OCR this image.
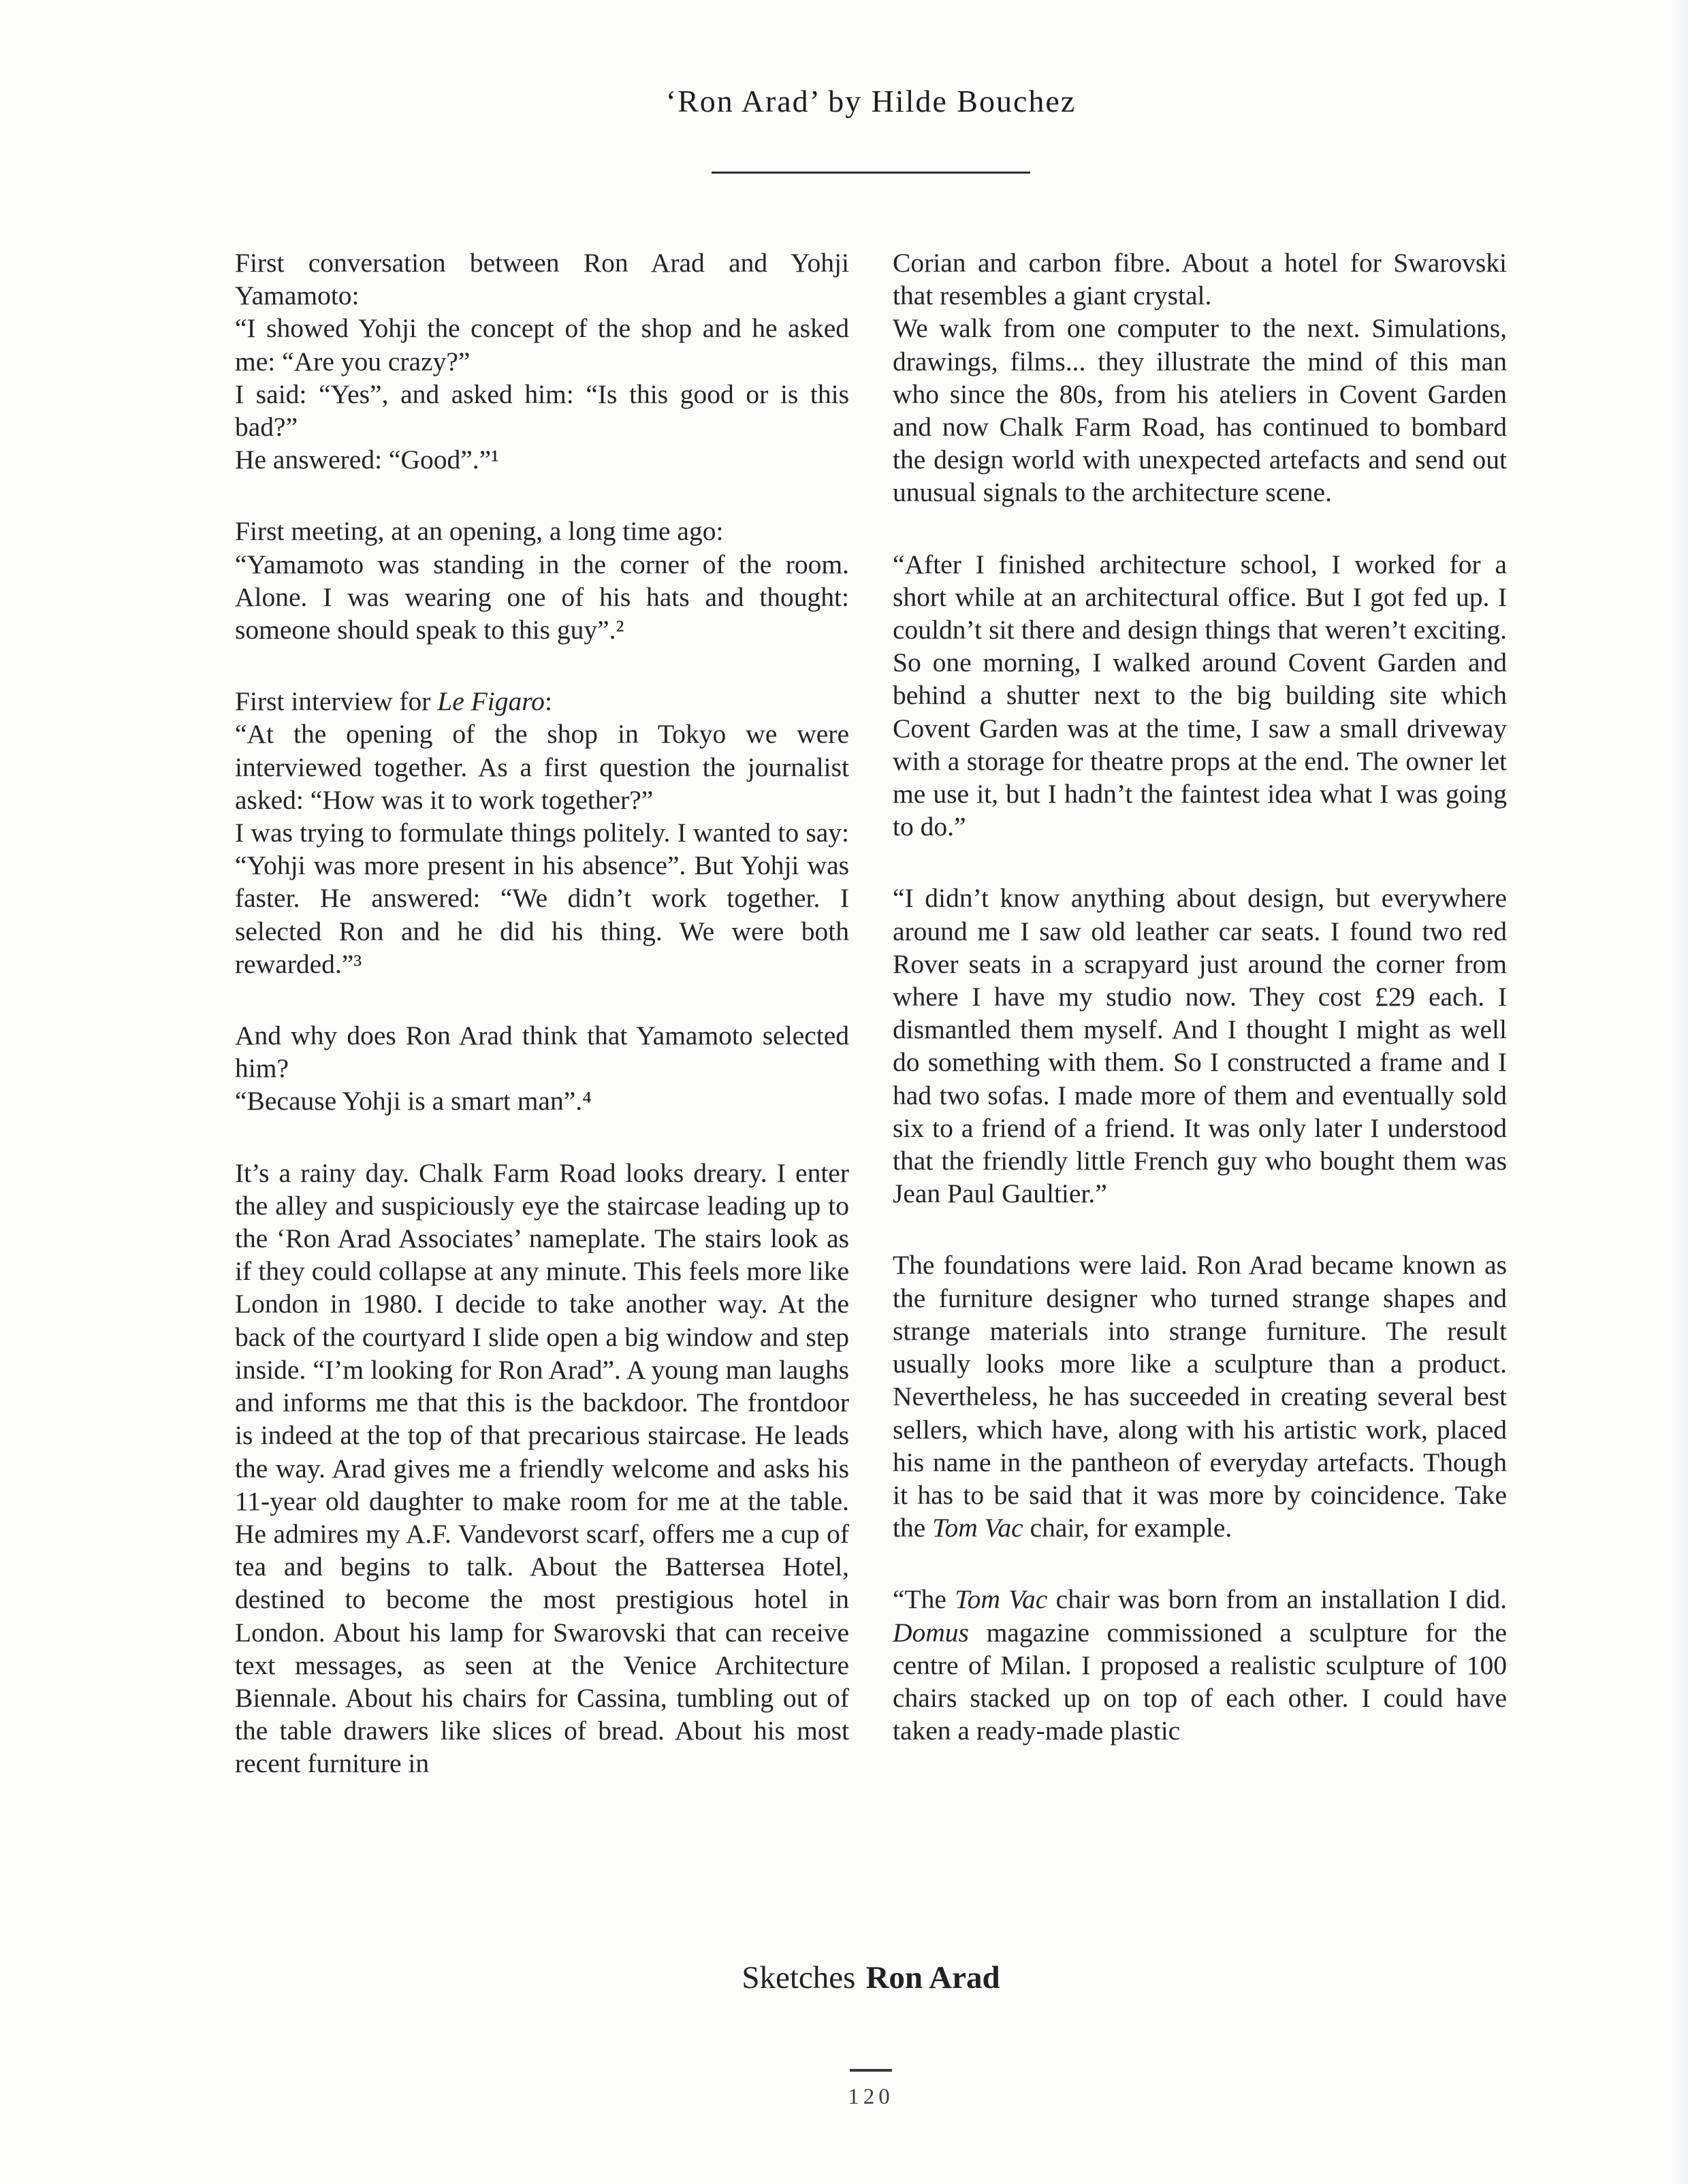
‘Ron Arad’ by Hilde Bouchez

First conversation between Ron Arad and Yohji Yamamoto:

“I showed Yohji the concept of the shop and he asked me: “Are you crazy?”

I said: “Yes”, and asked him: “Is this good or is this bad?”

He answered: “Good”.”¹

First meeting, at an opening, a long time ago:

“Yamamoto was standing in the corner of the room. Alone. I was wearing one of his hats and thought: someone should speak to this guy”.²

First interview for Le Figaro:

“At the opening of the shop in Tokyo we were interviewed together. As a first question the journalist asked: “How was it to work together?”

I was trying to formulate things politely. I wanted to say: “Yohji was more present in his absence”. But Yohji was faster. He answered: “We didn’t work together. I selected Ron and he did his thing. We were both rewarded.”³

And why does Ron Arad think that Yamamoto selected him?

“Because Yohji is a smart man”.⁴

It’s a rainy day. Chalk Farm Road looks dreary. I enter the alley and suspiciously eye the staircase leading up to the ‘Ron Arad Associates’ nameplate. The stairs look as if they could collapse at any minute. This feels more like London in 1980. I decide to take another way. At the back of the courtyard I slide open a big window and step inside. “I’m looking for Ron Arad”. A young man laughs and informs me that this is the backdoor. The frontdoor is indeed at the top of that precarious staircase. He leads the way. Arad gives me a friendly welcome and asks his 11-year old daughter to make room for me at the table. He admires my A.F. Vandevorst scarf, offers me a cup of tea and begins to talk. About the Battersea Hotel, destined to become the most prestigious hotel in London. About his lamp for Swarovski that can receive text messages, as seen at the Venice Architecture Biennale. About his chairs for Cassina, tumbling out of the table drawers like slices of bread. About his most recent furniture in

Corian and carbon fibre. About a hotel for Swarovski that resembles a giant crystal.

We walk from one computer to the next. Simulations, drawings, films... they illustrate the mind of this man who since the 80s, from his ateliers in Covent Garden and now Chalk Farm Road, has continued to bombard the design world with unexpected artefacts and send out unusual signals to the architecture scene.

“After I finished architecture school, I worked for a short while at an architectural office. But I got fed up. I couldn’t sit there and design things that weren’t exciting. So one morning, I walked around Covent Garden and behind a shutter next to the big building site which Covent Garden was at the time, I saw a small driveway with a storage for theatre props at the end. The owner let me use it, but I hadn’t the faintest idea what I was going to do.”

“I didn’t know anything about design, but everywhere around me I saw old leather car seats. I found two red Rover seats in a scrapyard just around the corner from where I have my studio now. They cost £29 each. I dismantled them myself. And I thought I might as well do something with them. So I constructed a frame and I had two sofas. I made more of them and eventually sold six to a friend of a friend. It was only later I understood that the friendly little French guy who bought them was Jean Paul Gaultier.”

The foundations were laid. Ron Arad became known as the furniture designer who turned strange shapes and strange materials into strange furniture. The result usually looks more like a sculpture than a product. Nevertheless, he has succeeded in creating several best sellers, which have, along with his artistic work, placed his name in the pantheon of everyday artefacts. Though it has to be said that it was more by coincidence. Take the Tom Vac chair, for example.

“The Tom Vac chair was born from an installation I did. Domus magazine commissioned a sculpture for the centre of Milan. I proposed a realistic sculpture of 100 chairs stacked up on top of each other. I could have taken a ready-made plastic

Sketches Ron Arad
120
